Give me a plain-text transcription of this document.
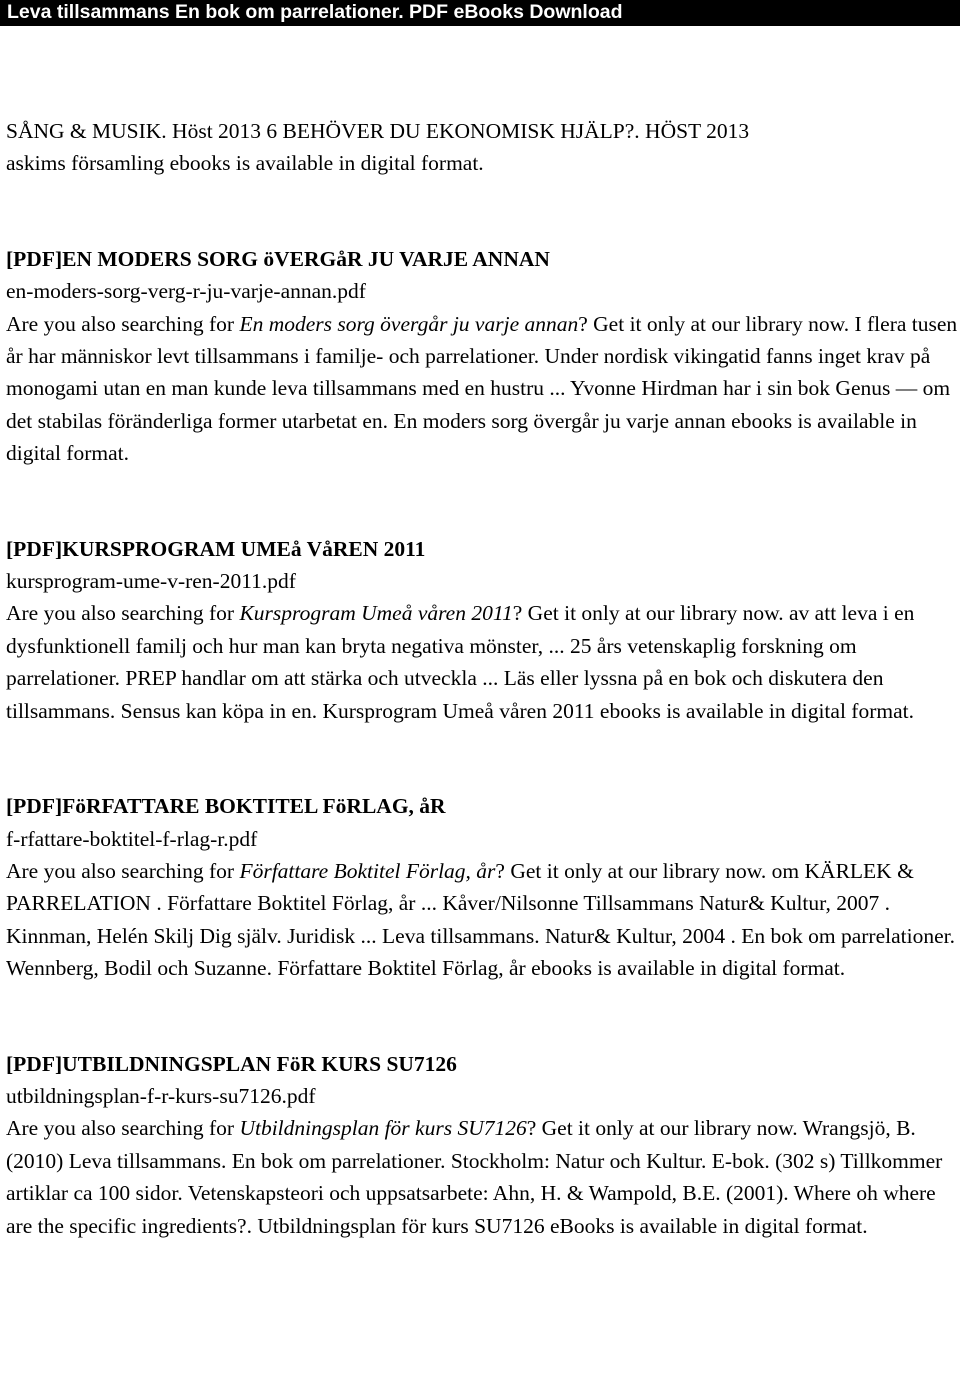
Leva tillsammans En bok om parrelationer. PDF eBooks Download
SÅNG & MUSIK. Höst 2013 6 BEHÖVER DU EKONOMISK HJÄLP?. HÖST 2013
askims församling ebooks is available in digital format.
[PDF]EN MODERS SORG öVERGåR JU VARJE ANNAN

en-moders-sorg-verg-r-ju-varje-annan.pdf

Are you also searching for En moders sorg övergår ju varje annan? Get it only at our library now. I flera tusen år har människor levt tillsammans i familje- och parrelationer. Under nordisk vikingatid fanns inget krav på monogami utan en man kunde leva tillsammans med en hustru ... Yvonne Hirdman har i sin bok Genus — om det stabilas föränderliga former utarbetat en. En moders sorg övergår ju varje annan ebooks is available in digital format.

[PDF]KURSPROGRAM UMEå VåREN 2011

kursprogram-ume-v-ren-2011.pdf

Are you also searching for Kursprogram Umeå våren 2011? Get it only at our library now. av att leva i en dysfunktionell familj och hur man kan bryta negativa mönster, ... 25 års vetenskaplig forskning om parrelationer. PREP handlar om att stärka och utveckla ... Läs eller lyssna på en bok och diskutera den tillsammans. Sensus kan köpa in en. Kursprogram Umeå våren 2011 ebooks is available in digital format.

[PDF]FöRFATTARE BOKTITEL FöRLAG, åR

f-rfattare-boktitel-f-rlag-r.pdf

Are you also searching for Författare Boktitel Förlag, år? Get it only at our library now. om KÄRLEK & PARRELATION . Författare Boktitel Förlag, år ... Kåver/Nilsonne Tillsammans Natur& Kultur, 2007 . Kinnman, Helén Skilj Dig själv. Juridisk ... Leva tillsammans. Natur& Kultur, 2004 . En bok om parrelationer. Wennberg, Bodil och Suzanne. Författare Boktitel Förlag, år ebooks is available in digital format.

[PDF]UTBILDNINGSPLAN FöR KURS SU7126

utbildningsplan-f-r-kurs-su7126.pdf

Are you also searching for Utbildningsplan för kurs SU7126? Get it only at our library now. Wrangsjö, B. (2010) Leva tillsammans. En bok om parrelationer. Stockholm: Natur och Kultur. E-bok. (302 s) Tillkommer artiklar ca 100 sidor. Vetenskapsteori och uppsatsarbete: Ahn, H. & Wampold, B.E. (2001). Where oh where are the specific ingredients?. Utbildningsplan för kurs SU7126 eBooks is available in digital format.
